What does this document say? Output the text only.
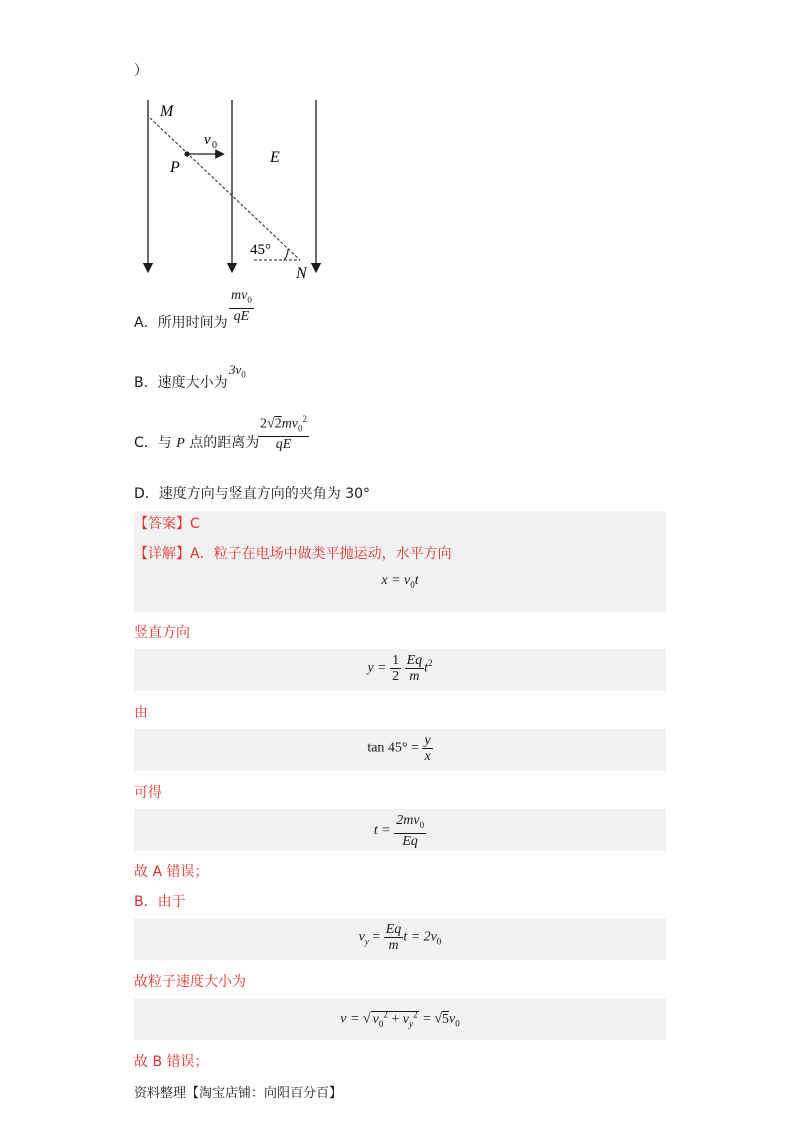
）
M
P
v 0
E
45°
N
A．所用时间为 $\frac{mv_0}{qE}$
B．速度大小为
$3v_0$
C．与 P 点的距离为
$\frac{2√2mv_0^2}{qE}$
D．速度方向与竖直方向的夹角为 30°
【答案】C
【详解】A．粒子在电场中做类平抛运动，水平方向
$x = v_0t$
竖直方向
$y = \frac{1}{2}$
$\frac{Eq}{m} t^2$
由
$\tan 45^\circ = \frac{y}{x}$
可得
$t = \frac{2mv_0}{Eq}$
故 A 错误；
B．由于
$v_y = \frac{Eq}{m}$ $t = 2v_0$
故粒子速度大小为
v = √ $v_0^2 + v_y^2 = √5v_0$
故 B 错误；
资料整理【淘宝店铺：向阳百分百】
